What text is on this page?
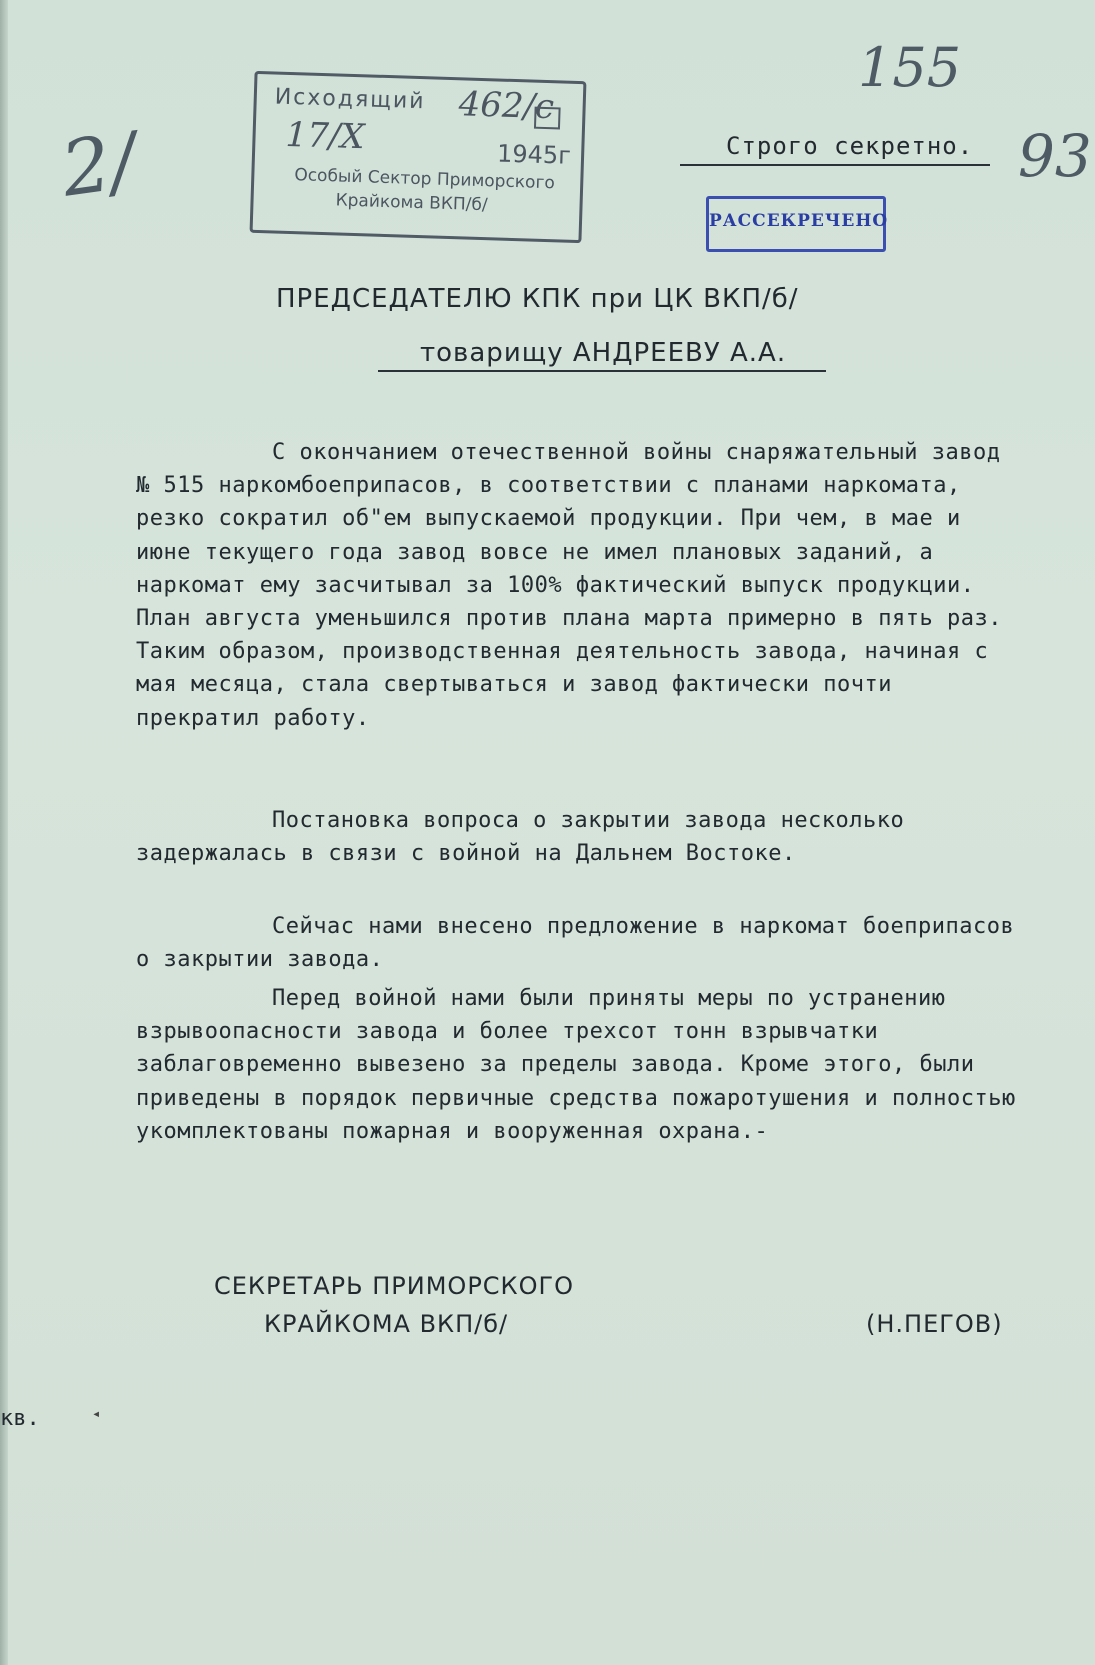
2/
155
93
Исходящий 462/с
17/X	1945г
Особый Сектор Приморского
Крайкома ВКП/б/
Строго секретно.
РАССЕКРЕЧЕНО
ПРЕДСЕДАТЕЛЮ КПК при ЦК ВКП/б/
товарищу АНДРЕЕВУ А.А.

С окончанием отечественной войны снаряжательный завод № 515 наркомбоеприпасов, в соответствии с планами наркомата, резко сократил об"ем выпускаемой продукции. При чем, в мае и июне текущего года завод вовсе не имел плановых заданий, а наркомат ему засчитывал за 100% фактический выпуск продукции. План августа уменьшился против плана марта примерно в пять раз. Таким образом, производственная деятельность завода, начиная с мая месяца, стала свертываться и завод фактически почти прекратил работу.

Постановка вопроса о закрытии завода несколько задержалась в связи с войной на Дальнем Востоке.

Сейчас нами внесено предложение в наркомат боеприпасов о закрытии завода.

Перед войной нами были приняты меры по устранению взрывоопасности завода и более трехсот тонн взрывчатки заблаговременно вывезено за пределы завода. Кроме этого, были приведены в порядок первичные средства пожаротушения и полностью укомплектованы пожарная и вооруженная охрана.-

СЕКРЕТАРЬ ПРИМОРСКОГО
КРАЙКОМА ВКП/б/	(Н.ПЕГОВ)
кв.	◂
